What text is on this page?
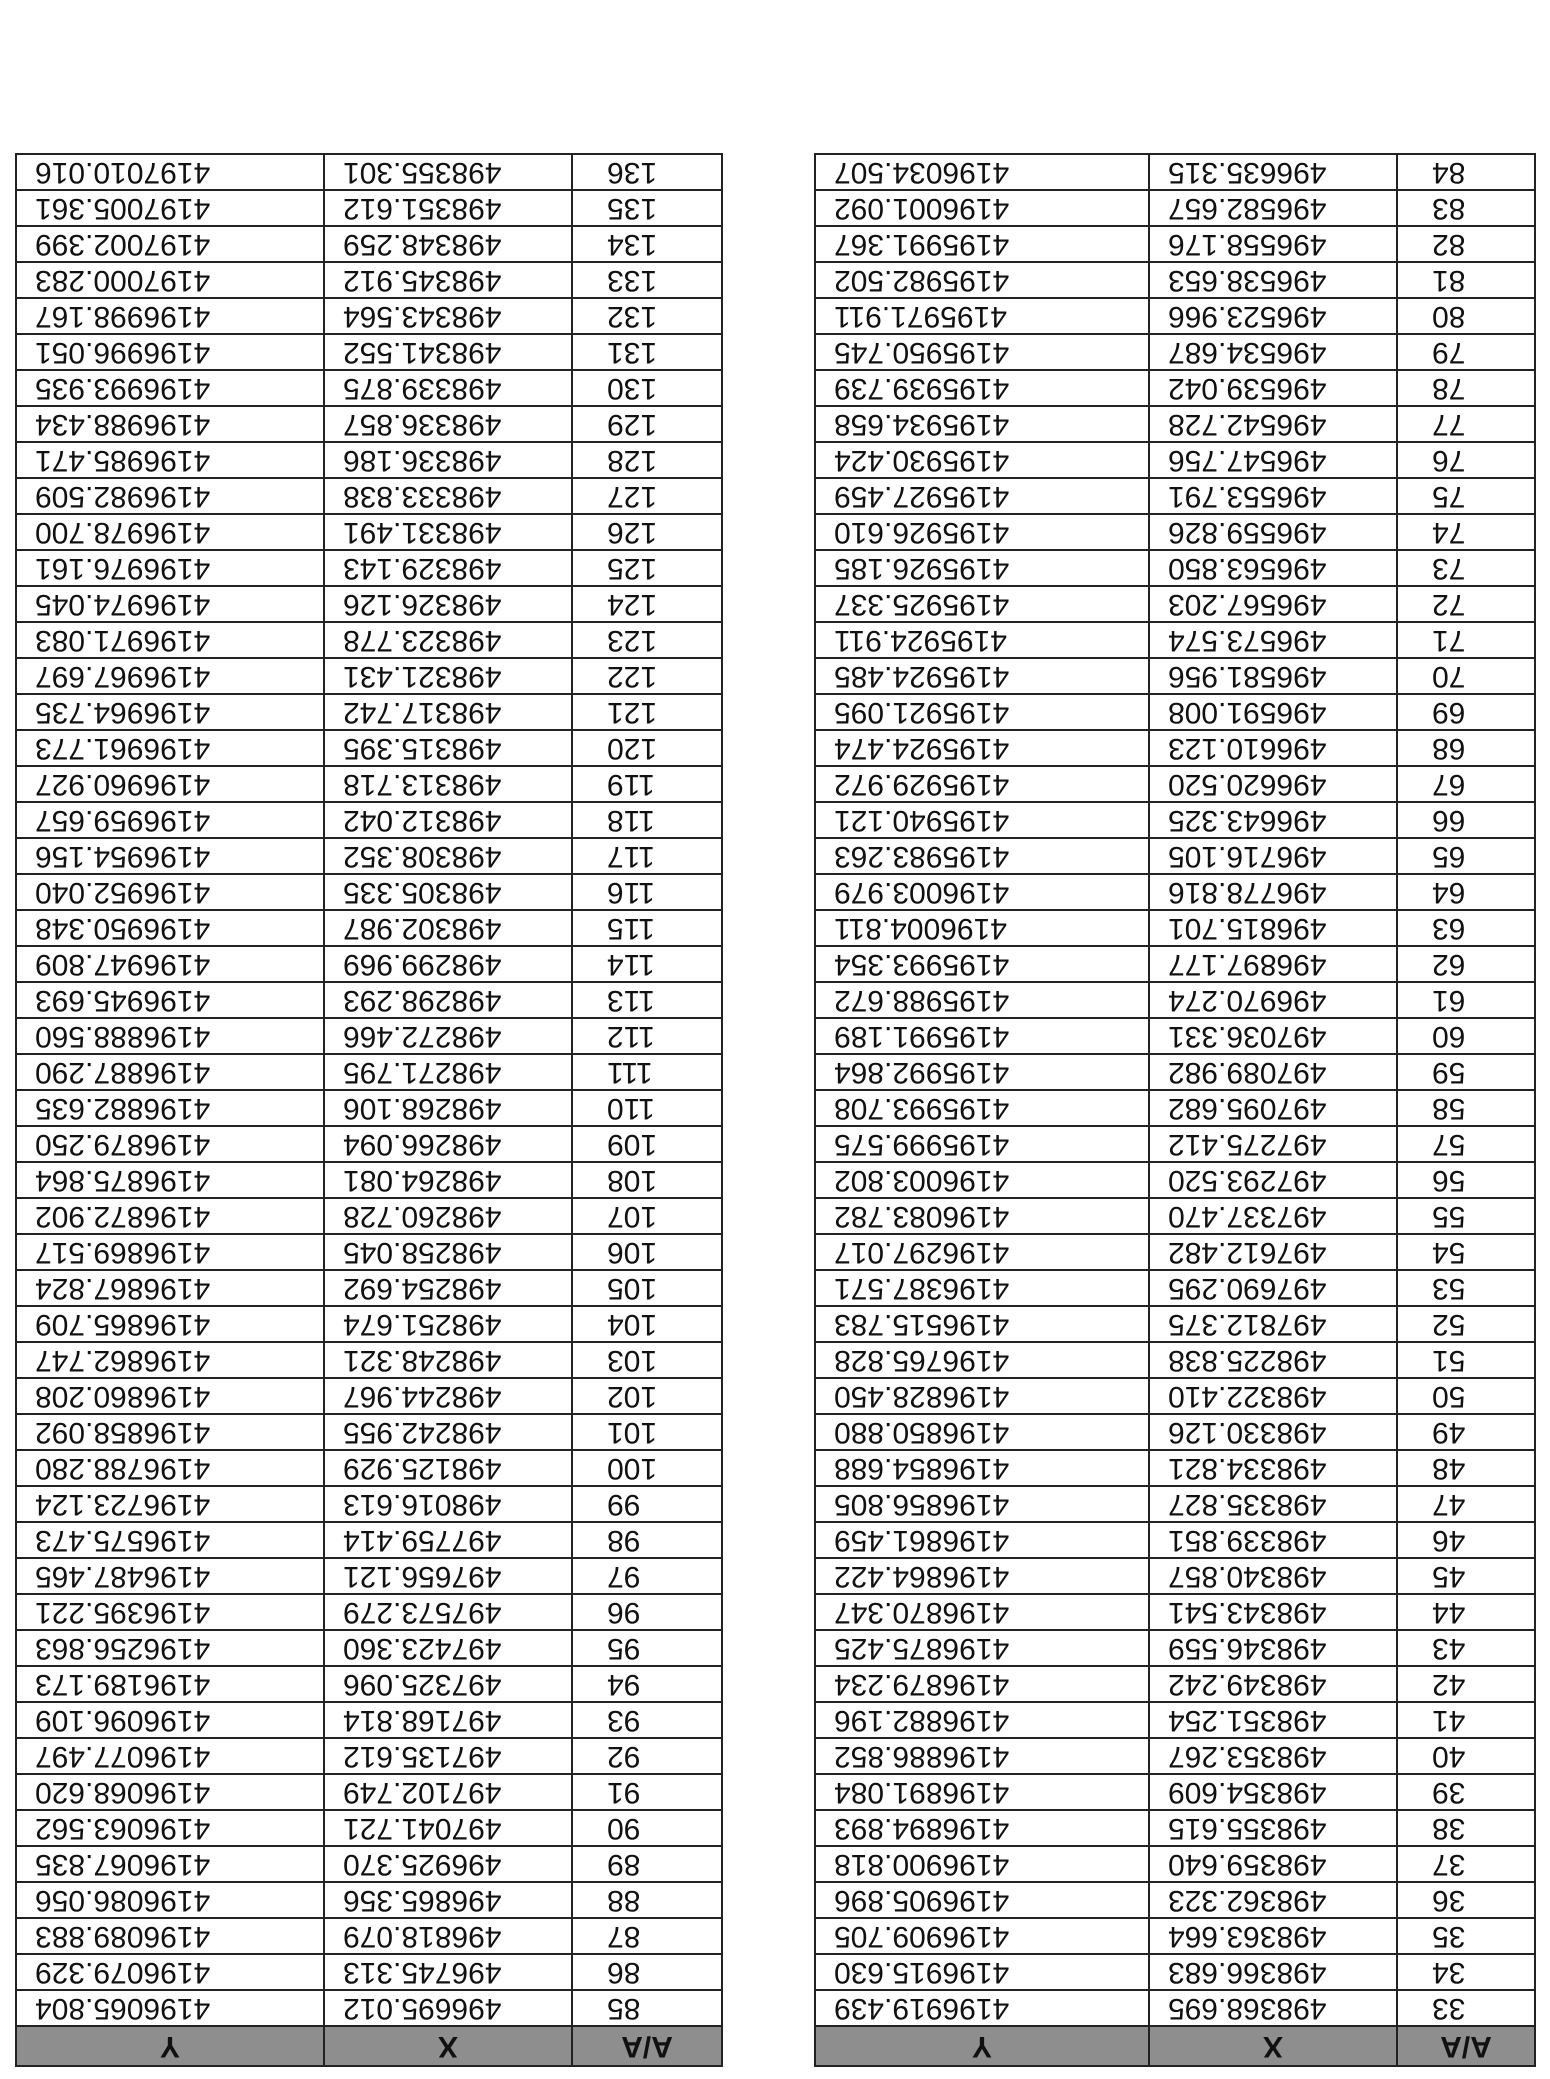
A/A	X	Y
33	498368.695	4196919.439
34	498366.683	4196915.630
35	498363.664	4196909.705
36	498362.323	4196905.896
37	498359.640	4196900.818
38	498355.615	4196894.893
39	498354.609	4196891.084
40	498353.267	4196886.852
41	498351.254	4196882.196
42	498349.242	4196879.234
43	498346.559	4196875.425
44	498343.541	4196870.347
45	498340.857	4196864.422
46	498339.851	4196861.459
47	498335.827	4196856.805
48	498334.821	4196854.688
49	498330.126	4196850.880
50	498322.410	4196828.450
51	498225.838	4196765.828
52	497812.375	4196515.783
53	497690.295	4196387.571
54	497612.482	4196297.017
55	497337.470	4196083.782
56	497293.520	4196003.802
57	497275.412	4195999.575
58	497095.682	4195993.708
59	497089.982	4195992.864
60	497036.331	4195991.189
61	496970.274	4195988.672
62	496897.177	4195993.354
63	496815.701	4196004.811
64	496778.816	4196003.979
65	496716.105	4195983.263
66	496643.325	4195940.121
67	496620.520	4195929.972
68	496610.123	4195924.474
69	496591.008	4195921.095
70	496581.956	4195924.485
71	496573.574	4195924.911
72	496567.203	4195925.337
73	496563.850	4195926.185
74	496559.826	4195926.610
75	496553.791	4195927.459
76	496547.756	4195930.424
77	496542.728	4195934.658
78	496539.042	4195939.739
79	496534.687	4195950.745
80	496523.966	4195971.911
81	496538.653	4195982.502
82	496558.176	4195991.367
83	496582.657	4196001.092
84	496635.315	4196034.507
A/A	X	Y
85	496695.012	4196065.804
86	496745.313	4196079.329
87	496818.079	4196089.883
88	496865.356	4196086.056
89	496925.370	4196067.835
90	497041.721	4196063.562
91	497102.749	4196068.620
92	497135.612	4196077.497
93	497168.814	4196096.109
94	497325.096	4196189.173
95	497423.360	4196256.863
96	497573.279	4196395.221
97	497656.121	4196487.465
98	497759.414	4196575.473
99	498016.613	4196723.124
100	498125.929	4196788.280
101	498242.955	4196858.092
102	498244.967	4196860.208
103	498248.321	4196862.747
104	498251.674	4196865.709
105	498254.692	4196867.824
106	498258.045	4196869.517
107	498260.728	4196872.902
108	498264.081	4196875.864
109	498266.094	4196879.250
110	498268.106	4196882.635
111	498271.795	4196887.290
112	498272.466	4196888.560
113	498298.293	4196945.693
114	498299.969	4196947.809
115	498302.987	4196950.348
116	498305.335	4196952.040
117	498308.352	4196954.156
118	498312.042	4196959.657
119	498313.718	4196960.927
120	498315.395	4196961.773
121	498317.742	4196964.735
122	498321.431	4196967.697
123	498323.778	4196971.083
124	498326.126	4196974.045
125	498329.143	4196976.161
126	498331.491	4196978.700
127	498333.838	4196982.509
128	498336.186	4196985.471
129	498336.857	4196988.434
130	498339.875	4196993.935
131	498341.552	4196996.051
132	498343.564	4196998.167
133	498345.912	4197000.283
134	498348.259	4197002.399
135	498351.612	4197005.361
136	498355.301	4197010.016
